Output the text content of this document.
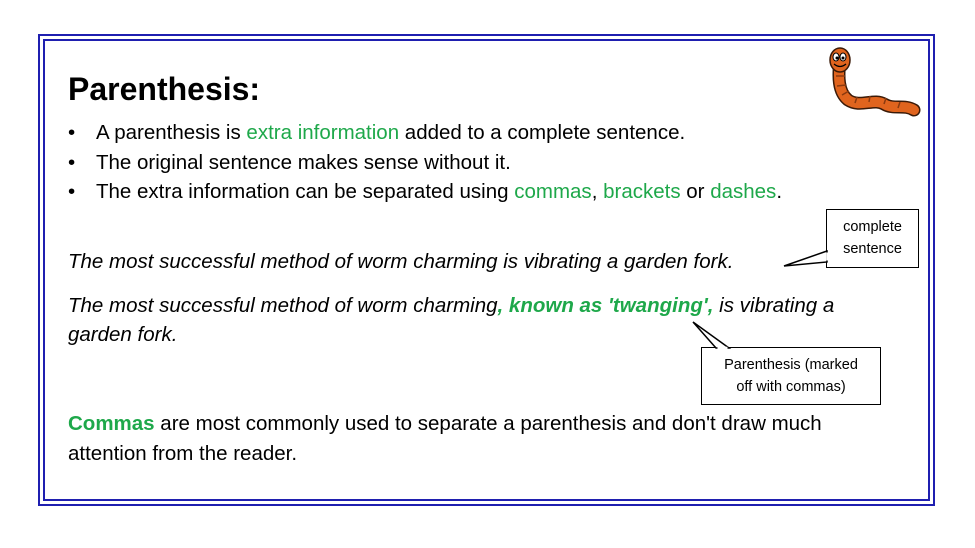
Parenthesis:
• A parenthesis is extra information added to a complete sentence.
• The original sentence makes sense without it.
• The extra information can be separated using commas, brackets or dashes.
The most successful method of worm charming is vibrating a garden fork.
The most successful method of worm charming, known as 'twanging', is vibrating a garden fork.
Commas are most commonly used to separate a parenthesis and don't draw much attention from the reader.
complete
sentence
Parenthesis (marked
off with commas)
